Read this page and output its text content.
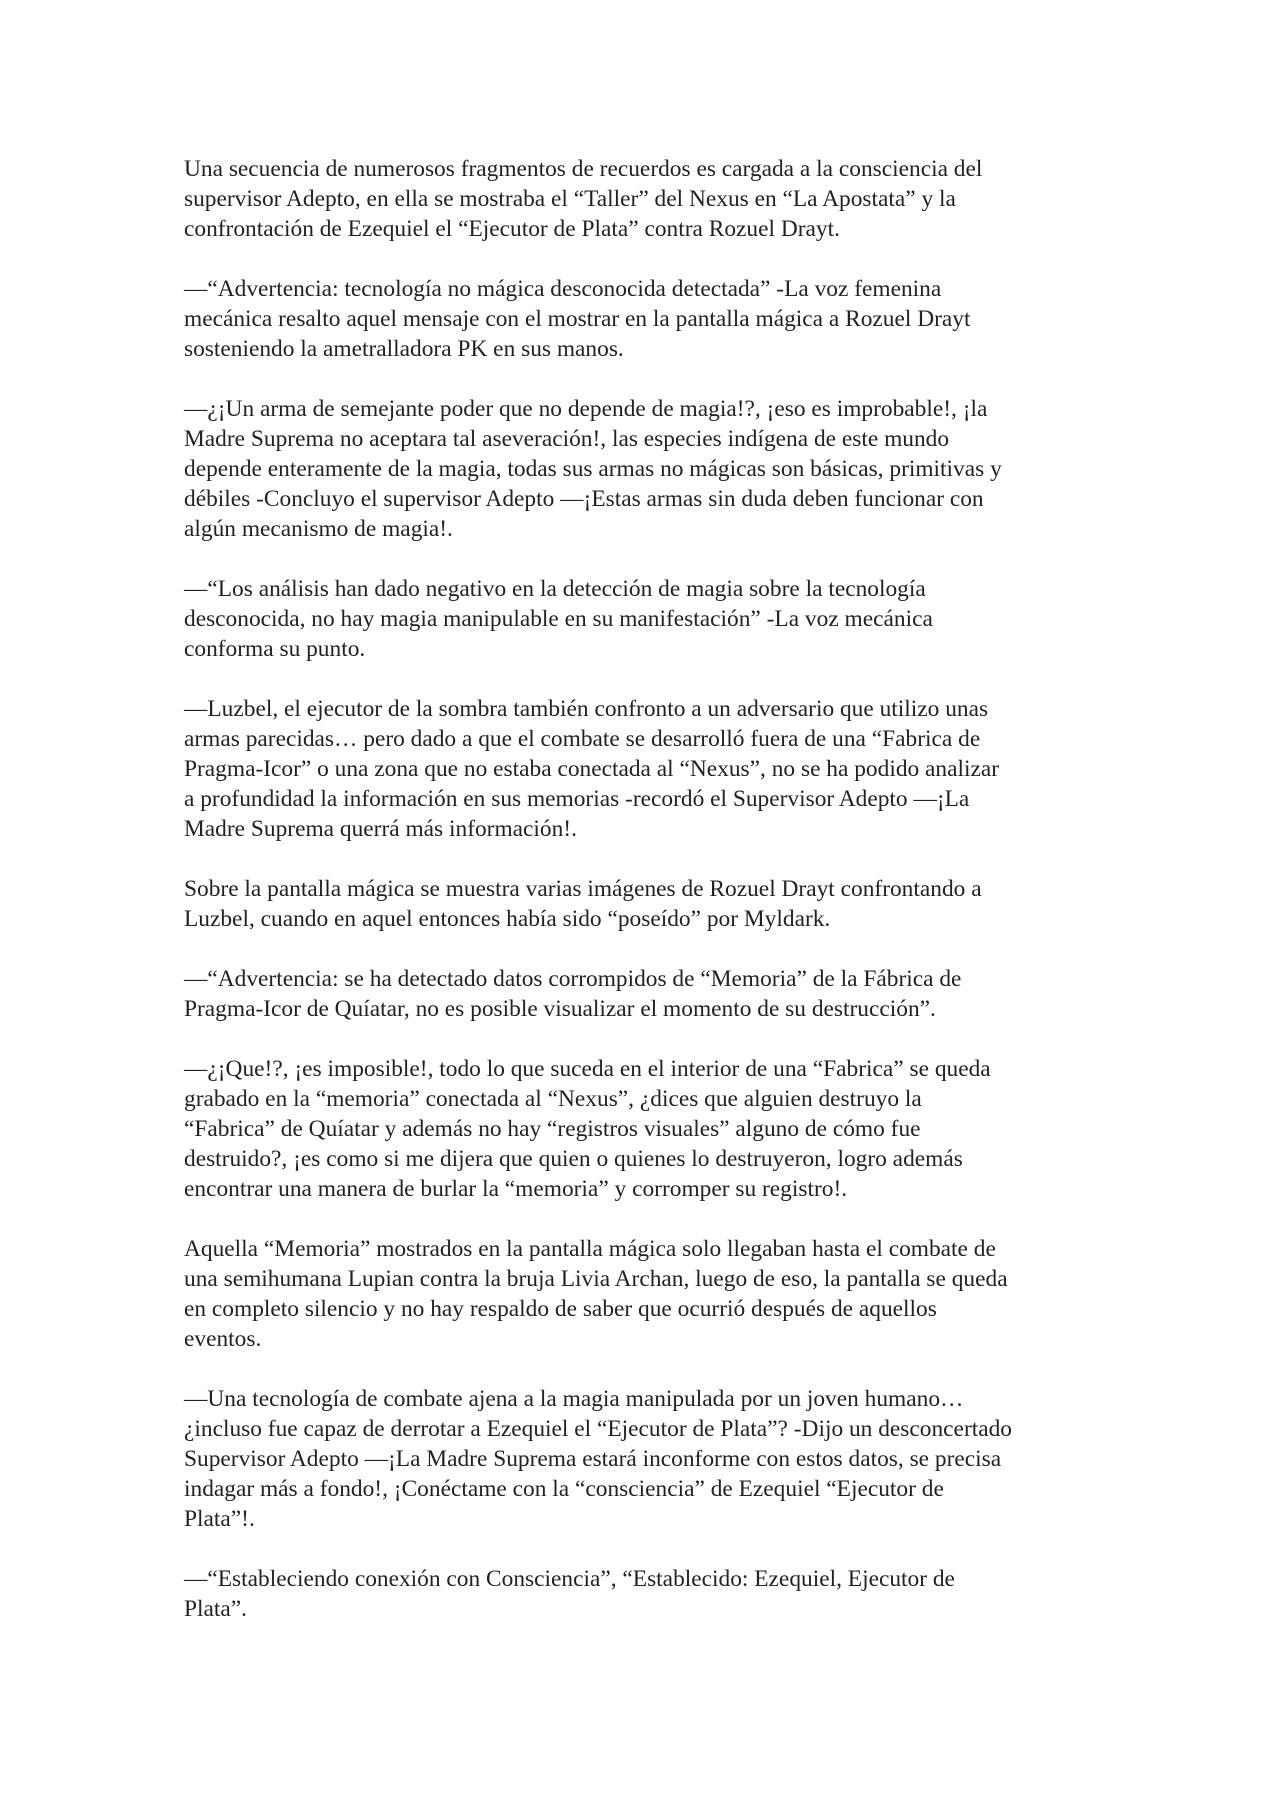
Una secuencia de numerosos fragmentos de recuerdos es cargada a la consciencia del
supervisor Adepto, en ella se mostraba el “Taller” del Nexus en “La Apostata” y la
confrontación de Ezequiel el “Ejecutor de Plata” contra Rozuel Drayt.

—“Advertencia: tecnología no mágica desconocida detectada” -La voz femenina
mecánica resalto aquel mensaje con el mostrar en la pantalla mágica a Rozuel Drayt
sosteniendo la ametralladora PK en sus manos.

—¿¡Un arma de semejante poder que no depende de magia!?, ¡eso es improbable!, ¡la
Madre Suprema no aceptara tal aseveración!, las especies indígena de este mundo
depende enteramente de la magia, todas sus armas no mágicas son básicas, primitivas y
débiles -Concluyo el supervisor Adepto —¡Estas armas sin duda deben funcionar con
algún mecanismo de magia!.

—“Los análisis han dado negativo en la detección de magia sobre la tecnología
desconocida, no hay magia manipulable en su manifestación” -La voz mecánica
conforma su punto.

—Luzbel, el ejecutor de la sombra también confronto a un adversario que utilizo unas
armas parecidas… pero dado a que el combate se desarrolló fuera de una “Fabrica de
Pragma-Icor” o una zona que no estaba conectada al “Nexus”, no se ha podido analizar
a profundidad la información en sus memorias -recordó el Supervisor Adepto —¡La
Madre Suprema querrá más información!.

Sobre la pantalla mágica se muestra varias imágenes de Rozuel Drayt confrontando a
Luzbel, cuando en aquel entonces había sido “poseído” por Myldark.

—“Advertencia: se ha detectado datos corrompidos de “Memoria” de la Fábrica de
Pragma-Icor de Quíatar, no es posible visualizar el momento de su destrucción”.

—¿¡Que!?, ¡es imposible!, todo lo que suceda en el interior de una “Fabrica” se queda
grabado en la “memoria” conectada al “Nexus”, ¿dices que alguien destruyo la
“Fabrica” de Quíatar y además no hay “registros visuales” alguno de cómo fue
destruido?, ¡es como si me dijera que quien o quienes lo destruyeron, logro además
encontrar una manera de burlar la “memoria” y corromper su registro!.

Aquella “Memoria” mostrados en la pantalla mágica solo llegaban hasta el combate de
una semihumana Lupian contra la bruja Livia Archan, luego de eso, la pantalla se queda
en completo silencio y no hay respaldo de saber que ocurrió después de aquellos
eventos.

—Una tecnología de combate ajena a la magia manipulada por un joven humano…
¿incluso fue capaz de derrotar a Ezequiel el “Ejecutor de Plata”? -Dijo un desconcertado
Supervisor Adepto —¡La Madre Suprema estará inconforme con estos datos, se precisa
indagar más a fondo!, ¡Conéctame con la “consciencia” de Ezequiel “Ejecutor de
Plata”!.

—“Estableciendo conexión con Consciencia”, “Establecido: Ezequiel, Ejecutor de
Plata”.
